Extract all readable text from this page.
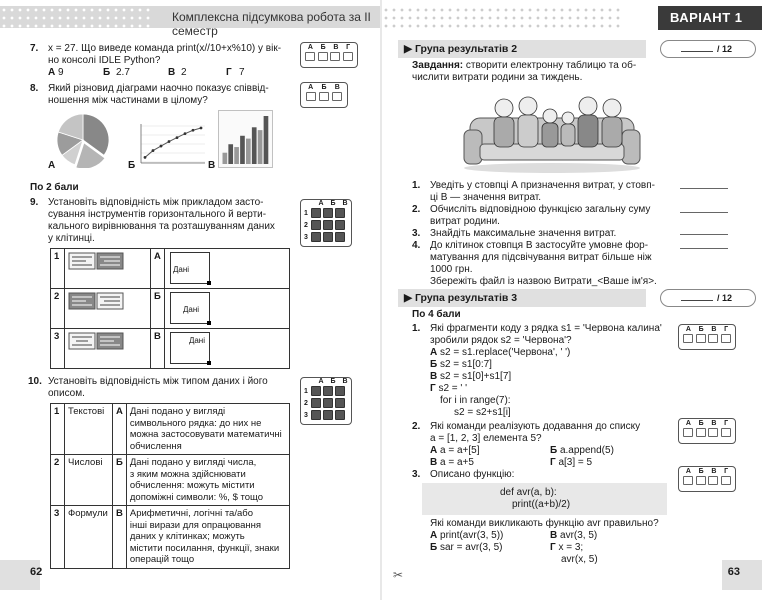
Комплексна підсумкова робота за ІІ семестр
7. x = 27. Що виведе команда print(x//10+x%10) у вік-
но консолі IDLE Python?
А 9	Б 2.7	В 2	Г 7
А Б В Г
8. Який різновид діаграми наочно показує співвід-
ношення між частинами в цілому?
А Б В
А	Б	В
По 2 бали
9. Установіть відповідність між прикладом засто-
сування інструментів горизонтального й верти-
кального вирівнювання та розташуванням даних
у клітинці.
А Б В
1
2
3
1		А	Дані

2		Б	Дані

3		В	Дані
10. Установіть відповідність між типом даних і його
описом.
А Б В
1
2
3
1	Текстові	А	Дані подано у вигляді
символьного рядка: до них не
можна застосовувати математичні
обчислення

2	Числові	Б	Дані подано у вигляді числа,
з яким можна здійснювати
обчислення: можуть містити
допоміжні символи: %, $ тощо

3	Формули	В	Арифметичні, логічні та/або
інші вирази для опрацювання
даних у клітинках; можуть
містити посилання, функції, знаки
операцій тощо
62
ВАРІАНТ 1
▶ Група результатів 2	/ 12
Завдання: створити електронну таблицю та об-
числити витрати родини за тиждень.
1. Уведіть у стовпці А призначення витрат, у стовп-
ці В — значення витрат.
2. Обчисліть відповідною функцією загальну суму
витрат родини.
3. Знайдіть максимальне значення витрат.
4. До клітинок стовпця В застосуйте умовне фор-
матування для підсвічування витрат більше ніж
1000 грн.
Збережіть файл із назвою Витрати_<Ваше ім'я>.
▶ Група результатів 3	/ 12
По 4 бали
1. Які фрагменти коду з рядка s1 = 'Червона калина'
зробили рядок s2 = 'Червона'?
А s2 = s1.replace('Червона', ' ')
Б s2 = s1[0:7]
В s2 = s1[0]+s1[7]
Г s2 = ' '
for i in range(7):
s2 = s2+s1[i]
А Б В Г
2. Які команди реалізують додавання до списку
a = [1, 2, 3] елемента 5?
А a = a+[5]	Б a.append(5)
В a = a+5	Г a[3] = 5
А Б В Г
3. Описано функцію:	А Б В Г
def avr(a, b):
print((a+b)/2)
Які команди викликають функцію avr правильно?
А print(avr(3, 5))	В avr(3, 5)
Б sar = avr(3, 5)	Г x = 3;
avr(x, 5)
63
✂
